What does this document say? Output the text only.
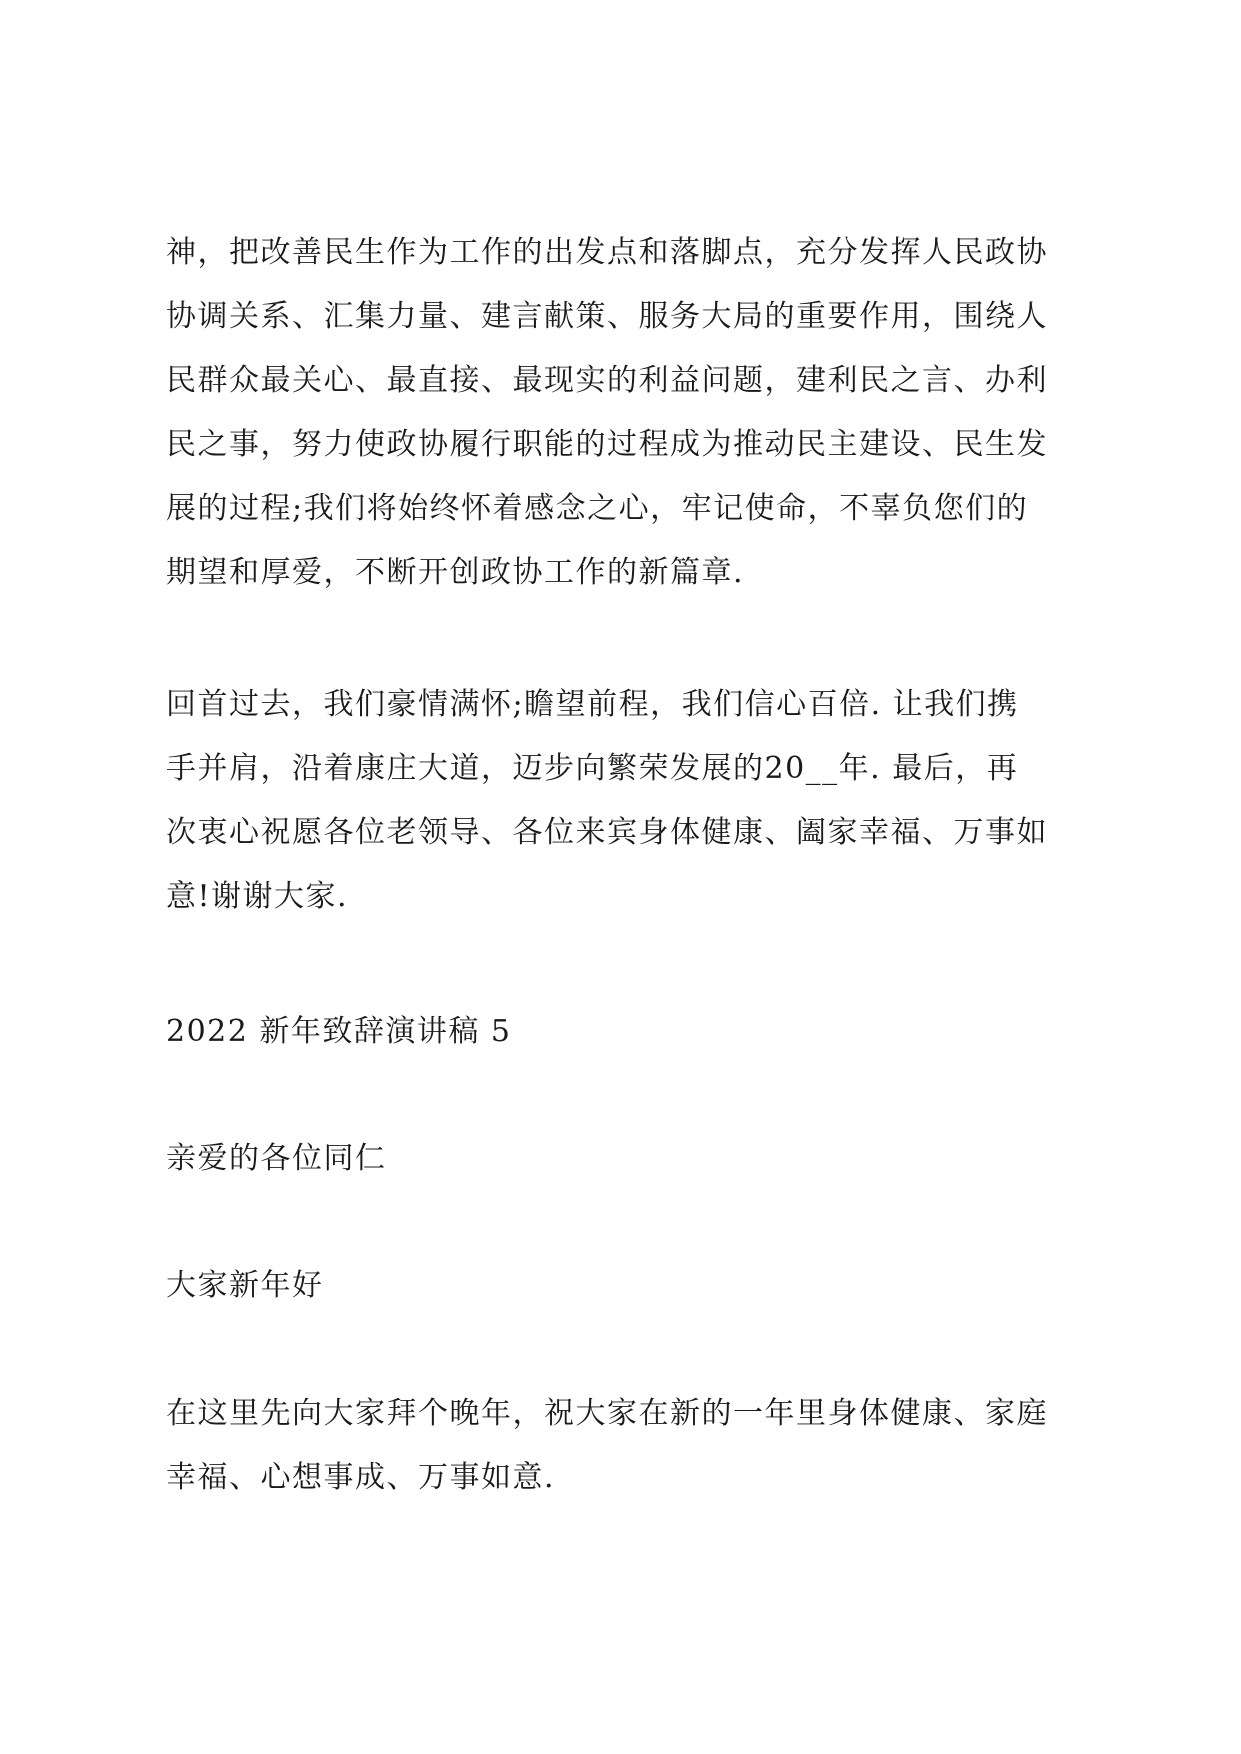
神，把改善民生作为工作的出发点和落脚点，充分发挥人民政协
协调关系、汇集力量、建言献策、服务大局的重要作用，围绕人
民群众最关心、最直接、最现实的利益问题，建利民之言、办利
民之事，努力使政协履行职能的过程成为推动民主建设、民生发
展的过程;我们将始终怀着感念之心，牢记使命，不辜负您们的
期望和厚爱，不断开创政协工作的新篇章.
回首过去，我们豪情满怀;瞻望前程，我们信心百倍. 让我们携
手并肩，沿着康庄大道，迈步向繁荣发展的20__年. 最后，再
次衷心祝愿各位老领导、各位来宾身体健康、阖家幸福、万事如
意!谢谢大家.
2022 新年致辞演讲稿 5
亲爱的各位同仁
大家新年好
在这里先向大家拜个晚年，祝大家在新的一年里身体健康、家庭
幸福、心想事成、万事如意.
